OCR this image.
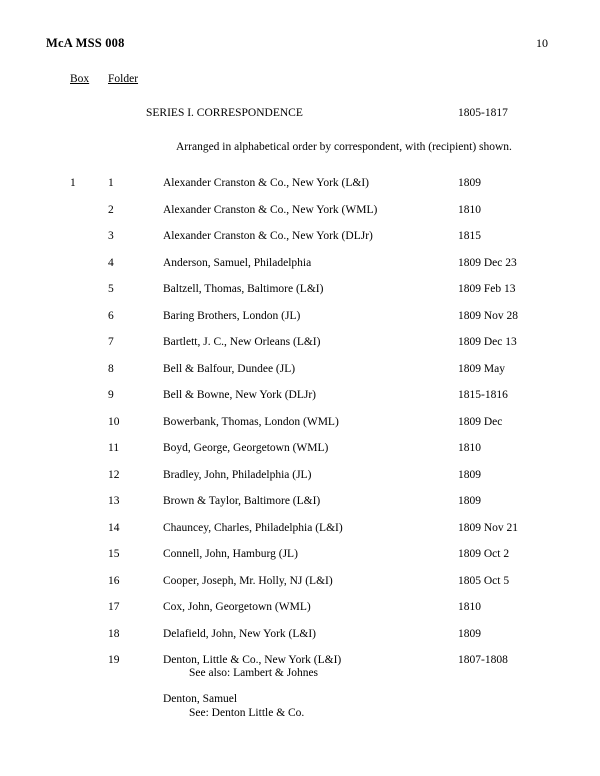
McA MSS 008	10
Box Folder
SERIES I. CORRESPONDENCE	1805-1817
Arranged in alphabetical order by correspondent, with (recipient) shown.
1	1	Alexander Cranston & Co., New York (L&I)	1809
2	Alexander Cranston & Co., New York (WML)	1810
3	Alexander Cranston & Co., New York (DLJr)	1815
4	Anderson, Samuel, Philadelphia	1809 Dec 23
5	Baltzell, Thomas, Baltimore (L&I)	1809 Feb 13
6	Baring Brothers, London (JL)	1809 Nov 28
7	Bartlett, J. C., New Orleans (L&I)	1809 Dec 13
8	Bell & Balfour, Dundee (JL)	1809 May
9	Bell & Bowne, New York (DLJr)	1815-1816
10	Bowerbank, Thomas, London (WML)	1809 Dec
11	Boyd, George, Georgetown (WML)	1810
12	Bradley, John, Philadelphia (JL)	1809
13	Brown & Taylor, Baltimore (L&I)	1809
14	Chauncey, Charles, Philadelphia (L&I)	1809 Nov 21
15	Connell, John, Hamburg (JL)	1809 Oct 2
16	Cooper, Joseph, Mr. Holly, NJ (L&I)	1805 Oct 5
17	Cox, John, Georgetown (WML)	1810
18	Delafield, John, New York (L&I)	1809
19	Denton, Little & Co., New York (L&I)	1807-1808
See also: Lambert & Johnes
Denton, Samuel
See: Denton Little & Co.
